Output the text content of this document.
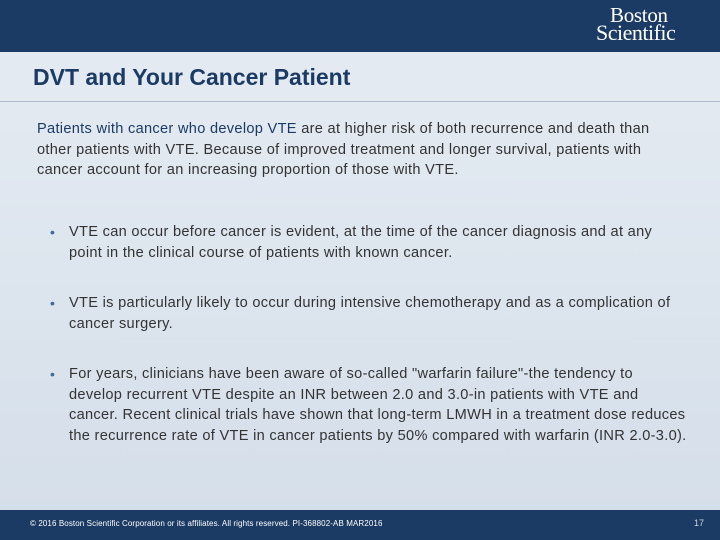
Boston
Scientific
DVT and Your Cancer Patient
Patients with cancer who develop VTE are at higher risk of both recurrence and death than other patients with VTE. Because of improved treatment and longer survival, patients with cancer account for an increasing proportion of those with VTE.
• VTE can occur before cancer is evident, at the time of the cancer diagnosis and at any point in the clinical course of patients with known cancer.
• VTE is particularly likely to occur during intensive chemotherapy and as a complication of cancer surgery.
• For years, clinicians have been aware of so-called "warfarin failure"-the tendency to develop recurrent VTE despite an INR between 2.0 and 3.0-in patients with VTE and cancer. Recent clinical trials have shown that long-term LMWH in a treatment dose reduces the recurrence rate of VTE in cancer patients by 50% compared with warfarin (INR 2.0-3.0).
© 2016 Boston Scientific Corporation or its affiliates. All rights reserved. PI-368802-AB MAR2016	17
